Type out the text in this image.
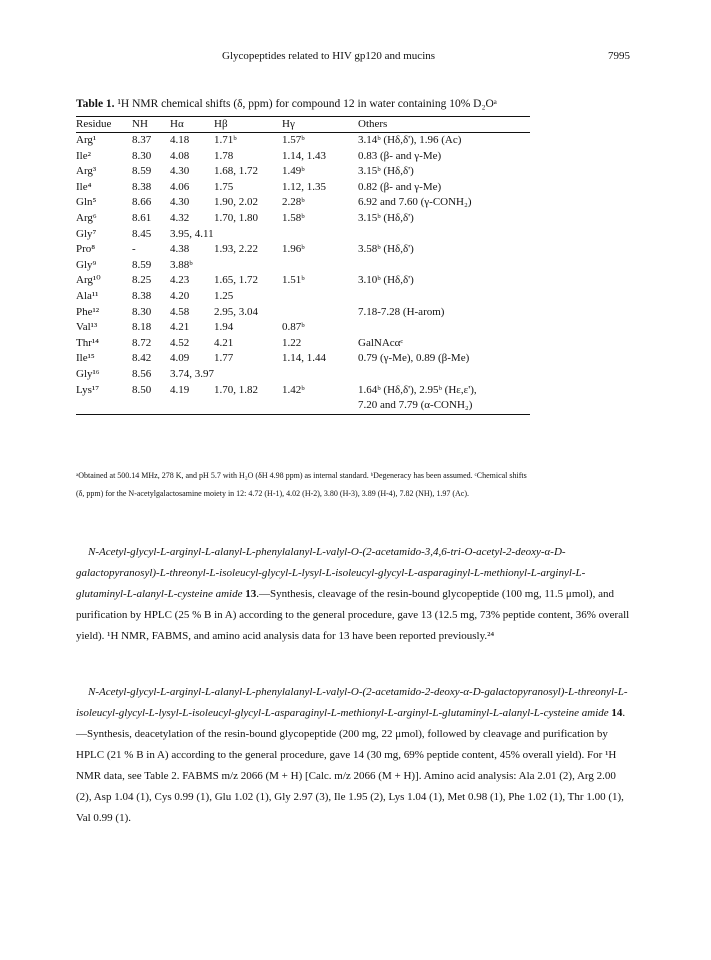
Glycopeptides related to HIV gp120 and mucins	7995
Table 1. ¹H NMR chemical shifts (δ, ppm) for compound 12 in water containing 10% D₂Oᵃ
Residue	NH	Hα	Hβ	Hγ	Others
Arg¹	8.37	4.18	1.71ᵇ	1.57ᵇ	3.14ᵇ (Hδ,δ'), 1.96 (Ac)
Ile²	8.30	4.08	1.78	1.14, 1.43	0.83 (β- and γ-Me)
Arg³	8.59	4.30	1.68, 1.72	1.49ᵇ	3.15ᵇ (Hδ,δ')
Ile⁴	8.38	4.06	1.75	1.12, 1.35	0.82 (β- and γ-Me)
Gln⁵	8.66	4.30	1.90, 2.02	2.28ᵇ	6.92 and 7.60 (γ-CONH₂)
Arg⁶	8.61	4.32	1.70, 1.80	1.58ᵇ	3.15ᵇ (Hδ,δ')
Gly⁷	8.45	3.95, 4.11			
Pro⁸	-	4.38	1.93, 2.22	1.96ᵇ	3.58ᵇ (Hδ,δ')
Gly⁹	8.59	3.88ᵇ			
Arg¹⁰	8.25	4.23	1.65, 1.72	1.51ᵇ	3.10ᵇ (Hδ,δ')
Ala¹¹	8.38	4.20	1.25		
Phe¹²	8.30	4.58	2.95, 3.04		7.18-7.28 (H-arom)
Val¹³	8.18	4.21	1.94	0.87ᵇ	
Thr¹⁴	8.72	4.52	4.21	1.22	GalNAcαᶜ
Ile¹⁵	8.42	4.09	1.77	1.14, 1.44	0.79 (γ-Me), 0.89 (β-Me)
Gly¹⁶	8.56	3.74, 3.97			
Lys¹⁷	8.50	4.19	1.70, 1.82	1.42ᵇ	1.64ᵇ (Hδ,δ'), 2.95ᵇ (Hε,ε'),
					7.20 and 7.79 (α-CONH₂)
ᵃObtained at 500.14 MHz, 278 K, and pH 5.7 with H₂O (δH 4.98 ppm) as internal standard. ᵇDegeneracy has been assumed. ᶜChemical shifts (δ, ppm) for the N-acetylgalactosamine moiety in 12: 4.72 (H-1), 4.02 (H-2), 3.80 (H-3), 3.89 (H-4), 7.82 (NH), 1.97 (Ac).
N-Acetyl-glycyl-L-arginyl-L-alanyl-L-phenylalanyl-L-valyl-O-(2-acetamido-3,4,6-tri-O-acetyl-2-deoxy-α-D-galactopyranosyl)-L-threonyl-L-isoleucyl-glycyl-L-lysyl-L-isoleucyl-glycyl-L-asparaginyl-L-methionyl-L-arginyl-L-glutaminyl-L-alanyl-L-cysteine amide 13.—Synthesis, cleavage of the resin-bound glycopeptide (100 mg, 11.5 μmol), and purification by HPLC (25 % B in A) according to the general procedure, gave 13 (12.5 mg, 73% peptide content, 36% overall yield). ¹H NMR, FABMS, and amino acid analysis data for 13 have been reported previously.²⁴
N-Acetyl-glycyl-L-arginyl-L-alanyl-L-phenylalanyl-L-valyl-O-(2-acetamido-2-deoxy-α-D-galactopyranosyl)-L-threonyl-L-isoleucyl-glycyl-L-lysyl-L-isoleucyl-glycyl-L-asparaginyl-L-methionyl-L-arginyl-L-glutaminyl-L-alanyl-L-cysteine amide 14.—Synthesis, deacetylation of the resin-bound glycopeptide (200 mg, 22 μmol), followed by cleavage and purification by HPLC (21 % B in A) according to the general procedure, gave 14 (30 mg, 69% peptide content, 45% overall yield). For ¹H NMR data, see Table 2. FABMS m/z 2066 (M + H) [Calc. m/z 2066 (M + H)]. Amino acid analysis: Ala 2.01 (2), Arg 2.00 (2), Asp 1.04 (1), Cys 0.99 (1), Glu 1.02 (1), Gly 2.97 (3), Ile 1.95 (2), Lys 1.04 (1), Met 0.98 (1), Phe 1.02 (1), Thr 1.00 (1), Val 0.99 (1).
